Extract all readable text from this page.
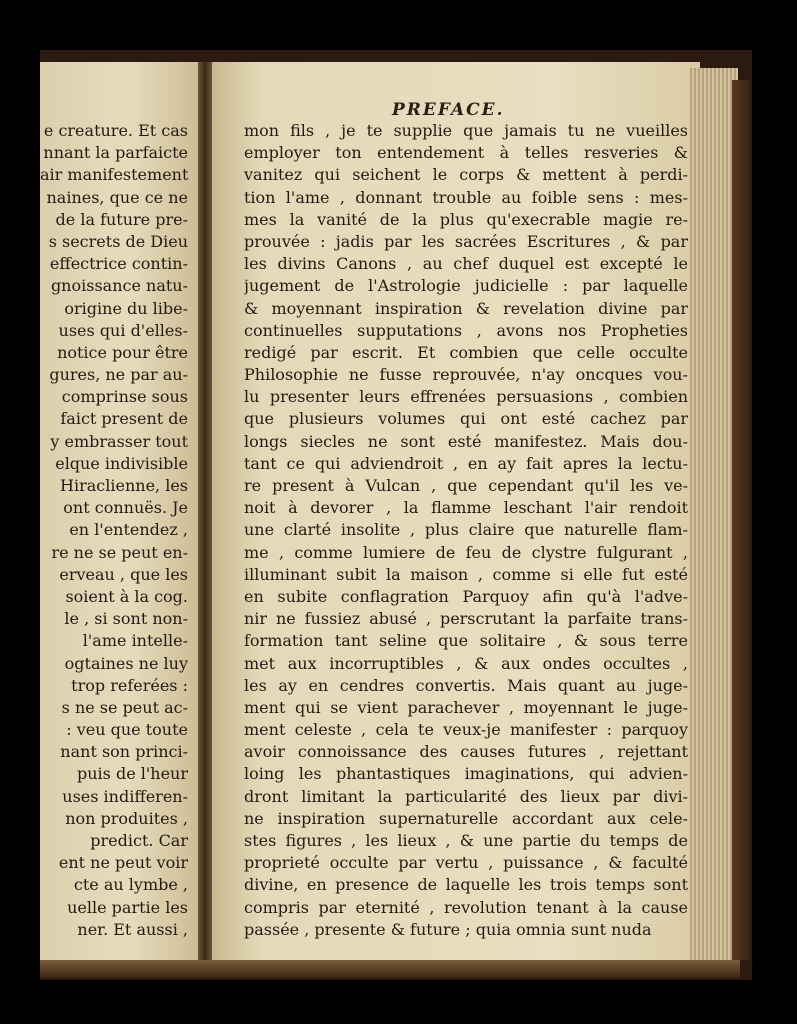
PREFACE.
e creature. Et cas
nnant la parfaicte
air manifestement
naines, que ce ne
de la future pre-
s secrets de Dieu
effectrice contin-
gnoissance natu-
origine du libe-
uses qui d'elles-
notice pour être
gures, ne par au-
comprinse sous
faict present de
y embrasser tout
elque indivisible
Hiraclienne, les
ont connuës. Je
en l'entendez ,
re ne se peut en-
erveau , que les
soient à la cog.
le , si sont non-
l'ame intelle-
ogtaines ne luy
trop referées :
s ne se peut ac-
: veu que toute
nant son princi-
puis de l'heur
uses indifferen-
non produites ,
predict. Car
ent ne peut voir
cte au lymbe ,
uelle partie les
ner. Et aussi ,
mon fils , je te supplie que jamais tu ne vueilles
employer ton entendement à telles resveries &
vanitez qui seichent le corps & mettent à perdi-
tion l'ame , donnant trouble au foible sens : mes-
mes la vanité de la plus qu'execrable magie re-
prouvée : jadis par les sacrées Escritures , & par
les divins Canons , au chef duquel est excepté le
jugement de l'Astrologie judicielle : par laquelle
& moyennant inspiration & revelation divine par
continuelles supputations , avons nos Propheties
redigé par escrit. Et combien que celle occulte
Philosophie ne fusse reprouvée, n'ay oncques vou-
lu presenter leurs effrenées persuasions , combien
que plusieurs volumes qui ont esté cachez par
longs siecles ne sont esté manifestez. Mais dou-
tant ce qui adviendroit , en ay fait apres la lectu-
re present à Vulcan , que cependant qu'il les ve-
noit à devorer , la flamme leschant l'air rendoit
une clarté insolite , plus claire que naturelle flam-
me , comme lumiere de feu de clystre fulgurant ,
illuminant subit la maison , comme si elle fut esté
en subite conflagration Parquoy afin qu'à l'adve-
nir ne fussiez abusé , perscrutant la parfaite trans-
formation tant seline que solitaire , & sous terre
met aux incorruptibles , & aux ondes occultes ,
les ay en cendres convertis. Mais quant au juge-
ment qui se vient parachever , moyennant le juge-
ment celeste , cela te veux-je manifester : parquoy
avoir connoissance des causes futures , rejettant
loing les phantastiques imaginations, qui advien-
dront limitant la particularité des lieux par divi-
ne inspiration supernaturelle accordant aux cele-
stes figures , les lieux , & une partie du temps de
proprieté occulte par vertu , puissance , & faculté
divine, en presence de laquelle les trois temps sont
compris par eternité , revolution tenant à la cause
passée , presente & future ; quia omnia sunt nuda
